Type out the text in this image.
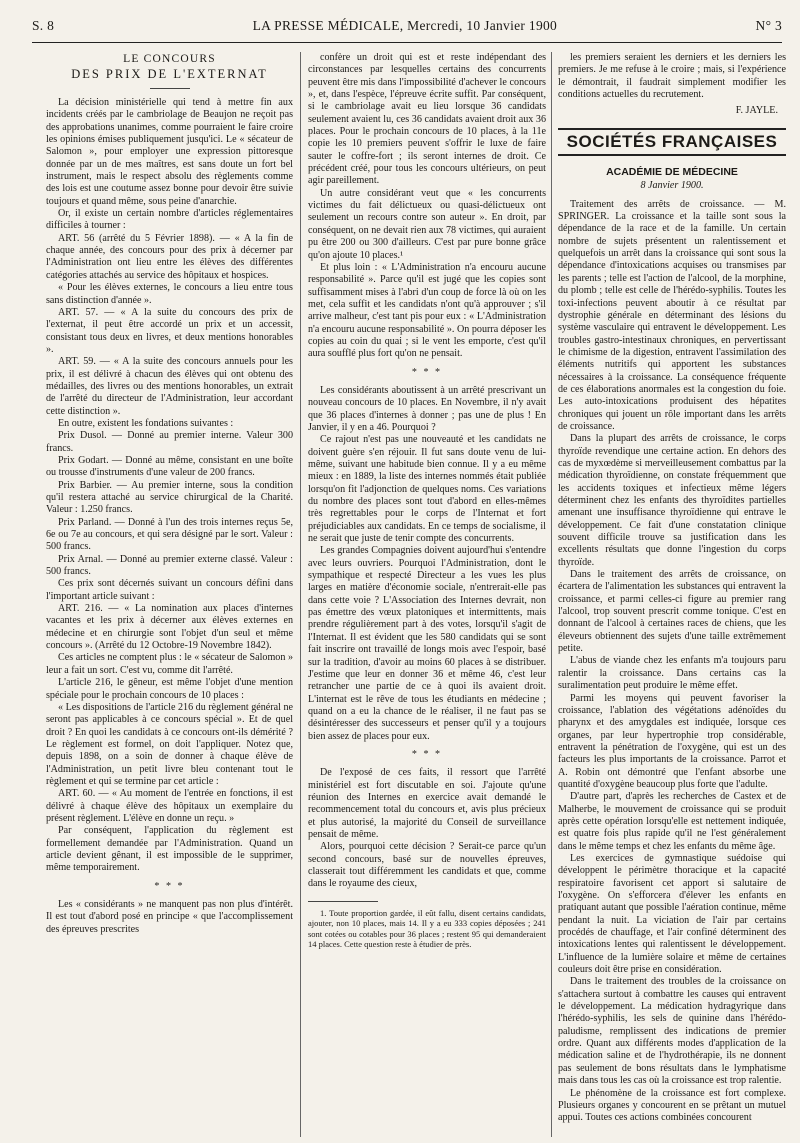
S. 8	LA PRESSE MÉDICALE, Mercredi, 10 Janvier 1900	N° 3

LE CONCOURS

DES PRIX DE L'EXTERNAT

La décision ministérielle qui tend à mettre fin aux incidents créés par le cambriolage de Beaujon ne reçoit pas des approbations unanimes, comme pourraient le faire croire les opinions émises publiquement jusqu'ici. Le « sécateur de Salomon », pour employer une expression pittoresque donnée par un de mes maîtres, est sans doute un fort bel instrument, mais le respect absolu des règlements comme des lois est une coutume assez bonne pour devoir être suivie toujours et quand même, sous peine d'anarchie.

Or, il existe un certain nombre d'articles réglementaires difficiles à tourner :

ART. 56 (arrêté du 5 Février 1898). — « A la fin de chaque année, des concours pour des prix à décerner par l'Administration ont lieu entre les élèves des différentes catégories attachés au service des hôpitaux et hospices.

« Pour les élèves externes, le concours a lieu entre tous sans distinction d'année ».

ART. 57. — « A la suite du concours des prix de l'externat, il peut être accordé un prix et un accessit, consistant tous deux en livres, et deux mentions honorables ».

ART. 59. — « A la suite des concours annuels pour les prix, il est délivré à chacun des élèves qui ont obtenu des médailles, des livres ou des mentions honorables, un extrait de l'arrêté du directeur de l'Administration, leur accordant cette distinction ».

En outre, existent les fondations suivantes :

Prix Dusol. — Donné au premier interne. Valeur 300 francs.

Prix Godart. — Donné au même, consistant en une boîte ou trousse d'instruments d'une valeur de 200 francs.

Prix Barbier. — Au premier interne, sous la condition qu'il restera attaché au service chirurgical de la Charité. Valeur : 1.250 francs.

Prix Parland. — Donné à l'un des trois internes reçus 5e, 6e ou 7e au concours, et qui sera désigné par le sort. Valeur : 500 francs.

Prix Arnal. — Donné au premier externe classé. Valeur : 500 francs.

Ces prix sont décernés suivant un concours défini dans l'important article suivant :

ART. 216. — « La nomination aux places d'internes vacantes et les prix à décerner aux élèves externes en médecine et en chirurgie sont l'objet d'un seul et même concours ». (Arrêté du 12 Octobre-19 Novembre 1842).

Ces articles ne comptent plus : le « sécateur de Salomon » leur a fait un sort. C'est vu, comme dit l'arrêté.

L'article 216, le gêneur, est même l'objet d'une mention spéciale pour le prochain concours de 10 places :

« Les dispositions de l'article 216 du règlement général ne seront pas applicables à ce concours spécial ». Et de quel droit ? En quoi les candidats à ce concours ont-ils démérité ? Le règlement est formel, on doit l'appliquer. Notez que, depuis 1898, on a soin de donner à chaque élève de l'Administration, un petit livre bleu contenant tout le règlement et qui se termine par cet article :

ART. 60. — « Au moment de l'entrée en fonctions, il est délivré à chaque élève des hôpitaux un exemplaire du présent règlement. L'élève en donne un reçu. »

Par conséquent, l'application du règlement est formellement demandée par l'Administration. Quand un article devient gênant, il est impossible de le supprimer, même temporairement.

* * *

Les « considérants » ne manquent pas non plus d'intérêt. Il est tout d'abord posé en principe « que l'accomplissement des épreuves prescrites

confère un droit qui est et reste indépendant des circonstances par lesquelles certains des concurrents peuvent être mis dans l'impossibilité d'achever le concours », et, dans l'espèce, l'épreuve écrite suffit. Par conséquent, si le cambriolage avait eu lieu lorsque 36 candidats seulement avaient lu, ces 36 candidats avaient droit aux 36 places. Pour le prochain concours de 10 places, à la 11e copie les 10 premiers peuvent s'offrir le luxe de faire sauter le coffre-fort ; ils seront internes de droit. Ce précédent créé, pour tous les concours ultérieurs, on peut agir pareillement.

Un autre considérant veut que « les concurrents victimes du fait délictueux ou quasi-délictueux ont seulement un recours contre son auteur ». En droit, par conséquent, on ne devait rien aux 78 victimes, qui auraient pu être 200 ou 300 d'ailleurs. C'est par pure bonne grâce qu'on ajoute 10 places.¹

Et plus loin : « L'Administration n'a encouru aucune responsabilité ». Parce qu'il est jugé que les copies sont suffisamment mises à l'abri d'un coup de force là où on les met, cela suffit et les candidats n'ont qu'à approuver ; s'il arrive malheur, c'est tant pis pour eux : « L'Administration n'a encouru aucune responsabilité ». On pourra déposer les copies au coin du quai ; si le vent les emporte, c'est qu'il aura soufflé plus fort qu'on ne pensait.

* * *

Les considérants aboutissent à un arrêté prescrivant un nouveau concours de 10 places. En Novembre, il n'y avait que 36 places d'internes à donner ; pas une de plus ! En Janvier, il y en a 46. Pourquoi ?

Ce rajout n'est pas une nouveauté et les candidats ne doivent guère s'en réjouir. Il fut sans doute venu de lui-même, suivant une habitude bien connue. Il y a eu même mieux : en 1889, la liste des internes nommés était publiée lorsqu'on fit l'adjonction de quelques noms. Ces variations du nombre des places sont tout d'abord en elles-mêmes très regrettables pour le corps de l'Internat et fort préjudiciables aux candidats. En ce temps de socialisme, il ne serait que juste de tenir compte des concurrents.

Les grandes Compagnies doivent aujourd'hui s'entendre avec leurs ouvriers. Pourquoi l'Administration, dont le sympathique et respecté Directeur a les vues les plus larges en matière d'économie sociale, n'entrerait-elle pas dans cette voie ? L'Association des Internes devrait, non pas émettre des vœux platoniques et intermittents, mais prendre régulièrement part à des votes, lorsqu'il s'agit de l'Internat. Il est évident que les 580 candidats qui se sont fait inscrire ont travaillé de longs mois avec l'espoir, basé sur la tradition, d'avoir au moins 60 places à se distribuer. J'estime que leur en donner 36 et même 46, c'est leur retrancher une partie de ce à quoi ils avaient droit. L'internat est le rêve de tous les étudiants en médecine ; quand on a eu la chance de le réaliser, il ne faut pas se désintéresser des successeurs et penser qu'il y a toujours bien assez de places pour eux.

* * *

De l'exposé de ces faits, il ressort que l'arrêté ministériel est fort discutable en soi. J'ajoute qu'une réunion des Internes en exercice avait demandé le recommencement total du concours et, avis plus précieux et plus autorisé, la majorité du Conseil de surveillance pensait de même.

Alors, pourquoi cette décision ? Serait-ce parce qu'un second concours, basé sur de nouvelles épreuves, classerait tout différemment les candidats et que, comme dans le royaume des cieux,

1. Toute proportion gardée, il eût fallu, disent certains candidats, ajouter, non 10 places, mais 14. Il y a eu 333 copies déposées ; 241 sont cotées ou cotables pour 36 places ; restent 95 qui demanderaient 14 places. Cette question reste à étudier de près.

les premiers seraient les derniers et les derniers les premiers. Je me refuse à le croire ; mais, si l'expérience le démontrait, il faudrait simplement modifier les conditions actuelles du recrutement.

F. JAYLE.

SOCIÉTÉS FRANÇAISES

ACADÉMIE DE MÉDECINE

8 Janvier 1900.

Traitement des arrêts de croissance. — M. SPRINGER. La croissance et la taille sont sous la dépendance de la race et de la famille. Un certain nombre de sujets présentent un ralentissement et quelquefois un arrêt dans la croissance qui sont sous la dépendance d'intoxications acquises ou transmises par les parents ; telle est l'action de l'alcool, de la morphine, du plomb ; telle est celle de l'hérédo-syphilis. Toutes les toxi-infections peuvent aboutir à ce résultat par dystrophie générale en déterminant des lésions du système vasculaire qui entravent le développement. Les troubles gastro-intestinaux chroniques, en pervertissant le chimisme de la digestion, entravent l'assimilation des éléments nutritifs qui apportent les substances nécessaires à la croissance. La conséquence fréquente de ces élaborations anormales est la congestion du foie. Les auto-intoxications produisent des hépatites chroniques qui jouent un rôle important dans les arrêts de croissance.

Dans la plupart des arrêts de croissance, le corps thyroïde revendique une certaine action. En dehors des cas de myxœdème si merveilleusement combattus par la médication thyroïdienne, on constate fréquemment que les accidents toxiques et infectieux même légers déterminent chez les enfants des thyroïdites partielles amenant une insuffisance thyroïdienne qui entrave le développement. Ce fait d'une constatation clinique souvent difficile trouve sa justification dans les excellents résultats que donne l'ingestion du corps thyroïde.

Dans le traitement des arrêts de croissance, on écartera de l'alimentation les substances qui entravent la croissance, et parmi celles-ci figure au premier rang l'alcool, trop souvent prescrit comme tonique. C'est en donnant de l'alcool à certaines races de chiens, que les éleveurs obtiennent des sujets d'une taille extrêmement petite.

L'abus de viande chez les enfants m'a toujours paru ralentir la croissance. Dans certains cas la suralimentation peut produire le même effet.

Parmi les moyens qui peuvent favoriser la croissance, l'ablation des végétations adénoïdes du pharynx et des amygdales est indiquée, lorsque ces organes, par leur hypertrophie trop considérable, entravent la pénétration de l'oxygène, qui est un des facteurs les plus importants de la croissance. Parrot et A. Robin ont démontré que l'enfant absorbe une quantité d'oxygène beaucoup plus forte que l'adulte.

D'autre part, d'après les recherches de Castex et de Malherbe, le mouvement de croissance qui se produit après cette opération lorsqu'elle est nettement indiquée, est quatre fois plus rapide qu'il ne l'est généralement dans le même temps et chez les enfants du même âge.

Les exercices de gymnastique suédoise qui développent le périmètre thoracique et la capacité respiratoire favorisent cet apport si salutaire de l'oxygène. On s'efforcera d'élever les enfants en pratiquant autant que possible l'aération continue, même pendant la nuit. La viciation de l'air par certains procédés de chauffage, et l'air confiné déterminent des intoxications lentes qui ralentissent le développement. L'influence de la lumière solaire et même de certaines couleurs doit être prise en considération.

Dans le traitement des troubles de la croissance on s'attachera surtout à combattre les causes qui entravent le développement. La médication hydragyrique dans l'hérédo-syphilis, les sels de quinine dans l'hérédo-paludisme, remplissent des indications de premier ordre. Quant aux différents modes d'application de la médication saline et de l'hydrothérapie, ils ne donnent pas seulement de bons résultats dans le lymphatisme mais dans tous les cas où la croissance est trop ralentie.

Le phénomène de la croissance est fort complexe. Plusieurs organes y concourent en se prêtant un mutuel appui. Toutes ces actions combinées concourent
